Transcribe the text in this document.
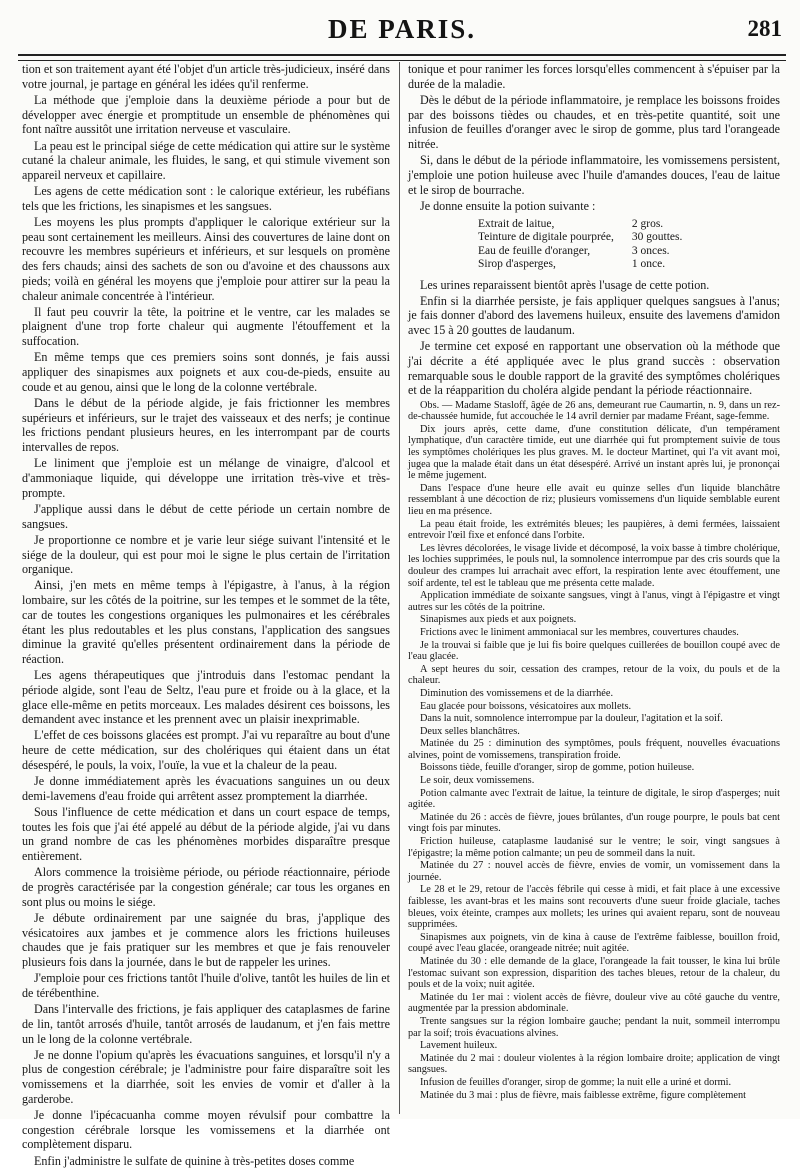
DE PARIS.	281

tion et son traitement ayant été l'objet d'un article très-judicieux, inséré dans votre journal, je partage en général les idées qu'il renferme.

La méthode que j'emploie dans la deuxième période a pour but de développer avec énergie et promptitude un ensemble de phénomènes qui font naître aussitôt une irritation nerveuse et vasculaire.

La peau est le principal siége de cette médication qui attire sur le système cutané la chaleur animale, les fluides, le sang, et qui stimule vivement son appareil nerveux et capillaire.

Les agens de cette médication sont : le calorique extérieur, les rubéfians tels que les frictions, les sinapismes et les sangsues.

Les moyens les plus prompts d'appliquer le calorique extérieur sur la peau sont certainement les meilleurs. Ainsi des couvertures de laine dont on recouvre les membres supérieurs et inférieurs, et sur lesquels on promène des fers chauds; ainsi des sachets de son ou d'avoine et des chaussons aux pieds; voilà en général les moyens que j'emploie pour attirer sur la peau la chaleur animale concentrée à l'intérieur.

Il faut peu couvrir la tête, la poitrine et le ventre, car les malades se plaignent d'une trop forte chaleur qui augmente l'étouffement et la suffocation.

En même temps que ces premiers soins sont donnés, je fais aussi appliquer des sinapismes aux poignets et aux cou-de-pieds, ensuite au coude et au genou, ainsi que le long de la colonne vertébrale.

Dans le début de la période algide, je fais frictionner les membres supérieurs et inférieurs, sur le trajet des vaisseaux et des nerfs; je continue les frictions pendant plusieurs heures, en les interrompant par de courts intervalles de repos.

Le liniment que j'emploie est un mélange de vinaigre, d'alcool et d'ammoniaque liquide, qui développe une irritation très-vive et très-prompte.

J'applique aussi dans le début de cette période un certain nombre de sangsues.

Je proportionne ce nombre et je varie leur siége suivant l'intensité et le siége de la douleur, qui est pour moi le signe le plus certain de l'irritation organique.

Ainsi, j'en mets en même temps à l'épigastre, à l'anus, à la région lombaire, sur les côtés de la poitrine, sur les tempes et le sommet de la tête, car de toutes les congestions organiques les pulmonaires et les cérébrales étant les plus redoutables et les plus constans, l'application des sangsues diminue la gravité qu'elles présentent ordinairement dans la période de réaction.

Les agens thérapeutiques que j'introduis dans l'estomac pendant la période algide, sont l'eau de Seltz, l'eau pure et froide ou à la glace, et la glace elle-même en petits morceaux. Les malades désirent ces boissons, les demandent avec instance et les prennent avec un plaisir inexprimable.

L'effet de ces boissons glacées est prompt. J'ai vu reparaître au bout d'une heure de cette médication, sur des cholériques qui étaient dans un état désespéré, le pouls, la voix, l'ouïe, la vue et la chaleur de la peau.

Je donne immédiatement après les évacuations sanguines un ou deux demi-lavemens d'eau froide qui arrêtent assez promptement la diarrhée.

Sous l'influence de cette médication et dans un court espace de temps, toutes les fois que j'ai été appelé au début de la période algide, j'ai vu dans un grand nombre de cas les phénomènes morbides disparaître presque entièrement.

Alors commence la troisième période, ou période réactionnaire, période de progrès caractérisée par la congestion générale; car tous les organes en sont plus ou moins le siége.

Je débute ordinairement par une saignée du bras, j'applique des vésicatoires aux jambes et je commence alors les frictions huileuses chaudes que je fais pratiquer sur les membres et que je fais renouveler plusieurs fois dans la journée, dans le but de rappeler les urines.

J'emploie pour ces frictions tantôt l'huile d'olive, tantôt les huiles de lin et de térébenthine.

Dans l'intervalle des frictions, je fais appliquer des cataplasmes de farine de lin, tantôt arrosés d'huile, tantôt arrosés de laudanum, et j'en fais mettre un le long de la colonne vertébrale.

Je ne donne l'opium qu'après les évacuations sanguines, et lorsqu'il n'y a plus de congestion cérébrale; je l'administre pour faire disparaître soit les vomissemens et la diarrhée, soit les envies de vomir et d'aller à la garderobe.

Je donne l'ipécacuanha comme moyen révulsif pour combattre la congestion cérébrale lorsque les vomissemens et la diarrhée ont complètement disparu.

Enfin j'administre le sulfate de quinine à très-petites doses comme

tonique et pour ranimer les forces lorsqu'elles commencent à s'épuiser par la durée de la maladie.

Dès le début de la période inflammatoire, je remplace les boissons froides par des boissons tièdes ou chaudes, et en très-petite quantité, soit une infusion de feuilles d'oranger avec le sirop de gomme, plus tard l'orangeade nitrée.

Si, dans le début de la période inflammatoire, les vomissemens persistent, j'emploie une potion huileuse avec l'huile d'amandes douces, l'eau de laitue et le sirop de bourrache.

Je donne ensuite la potion suivante :

Extrait de laitue,	2 gros.
Teinture de digitale pourprée,	30 gouttes.
Eau de feuille d'oranger,	3 onces.
Sirop d'asperges,	1 once.

Les urines reparaissent bientôt après l'usage de cette potion.

Enfin si la diarrhée persiste, je fais appliquer quelques sangsues à l'anus; je fais donner d'abord des lavemens huileux, ensuite des lavemens d'amidon avec 15 à 20 gouttes de laudanum.

Je termine cet exposé en rapportant une observation où la méthode que j'ai décrite a été appliquée avec le plus grand succès : observation remarquable sous le double rapport de la gravité des symptômes cholériques et de la réapparition du choléra algide pendant la période réactionnaire.

Obs. — Madame Stasloff, âgée de 26 ans, demeurant rue Caumartin, n. 9, dans un rez-de-chaussée humide, fut accouchée le 14 avril dernier par madame Fréant, sage-femme.

Dix jours après, cette dame, d'une constitution délicate, d'un tempérament lymphatique, d'un caractère timide, eut une diarrhée qui fut promptement suivie de tous les symptômes cholériques les plus graves. M. le docteur Martinet, qui l'a vit avant moi, jugea que la malade était dans un état désespéré. Arrivé un instant après lui, je prononçai le même jugement.

Dans l'espace d'une heure elle avait eu quinze selles d'un liquide blanchâtre ressemblant à une décoction de riz; plusieurs vomissemens d'un liquide semblable eurent lieu en ma présence.

La peau était froide, les extrémités bleues; les paupières, à demi fermées, laissaient entrevoir l'œil fixe et enfoncé dans l'orbite.

Les lèvres décolorées, le visage livide et décomposé, la voix basse à timbre cholérique, les lochies supprimées, le pouls nul, la somnolence interrompue par des cris sourds que la douleur des crampes lui arrachait avec effort, la respiration lente avec étouffement, une soif ardente, tel est le tableau que me présenta cette malade.

Application immédiate de soixante sangsues, vingt à l'anus, vingt à l'épigastre et vingt autres sur les côtés de la poitrine.

Sinapismes aux pieds et aux poignets.

Frictions avec le liniment ammoniacal sur les membres, couvertures chaudes.

Je la trouvai si faible que je lui fis boire quelques cuillerées de bouillon coupé avec de l'eau glacée.

A sept heures du soir, cessation des crampes, retour de la voix, du pouls et de la chaleur.

Diminution des vomissemens et de la diarrhée.

Eau glacée pour boissons, vésicatoires aux mollets.

Dans la nuit, somnolence interrompue par la douleur, l'agitation et la soif.

Deux selles blanchâtres.

Matinée du 25 : diminution des symptômes, pouls fréquent, nouvelles évacuations alvines, point de vomissemens, transpiration froide.

Boissons tiède, feuille d'oranger, sirop de gomme, potion huileuse.

Le soir, deux vomissemens.

Potion calmante avec l'extrait de laitue, la teinture de digitale, le sirop d'asperges; nuit agitée.

Matinée du 26 : accès de fièvre, joues brûlantes, d'un rouge pourpre, le pouls bat cent vingt fois par minutes.

Friction huileuse, cataplasme laudanisé sur le ventre; le soir, vingt sangsues à l'épigastre; la même potion calmante; un peu de sommeil dans la nuit.

Matinée du 27 : nouvel accès de fièvre, envies de vomir, un vomissement dans la journée.

Le 28 et le 29, retour de l'accès fébrile qui cesse à midi, et fait place à une excessive faiblesse, les avant-bras et les mains sont recouverts d'une sueur froide glaciale, taches bleues, voix éteinte, crampes aux mollets; les urines qui avaient reparu, sont de nouveau supprimées.

Sinapismes aux poignets, vin de kina à cause de l'extrême faiblesse, bouillon froid, coupé avec l'eau glacée, orangeade nitrée; nuit agitée.

Matinée du 30 : elle demande de la glace, l'orangeade la fait tousser, le kina lui brûle l'estomac suivant son expression, disparition des taches bleues, retour de la chaleur, du pouls et de la voix; nuit agitée.

Matinée du 1er mai : violent accès de fièvre, douleur vive au côté gauche du ventre, augmentée par la pression abdominale.

Trente sangsues sur la région lombaire gauche; pendant la nuit, sommeil interrompu par la soif; trois évacuations alvines.

Lavement huileux.

Matinée du 2 mai : douleur violentes à la région lombaire droite; application de vingt sangsues.

Infusion de feuilles d'oranger, sirop de gomme; la nuit elle a uriné et dormi.

Matinée du 3 mai : plus de fièvre, mais faiblesse extrême, figure complètement
